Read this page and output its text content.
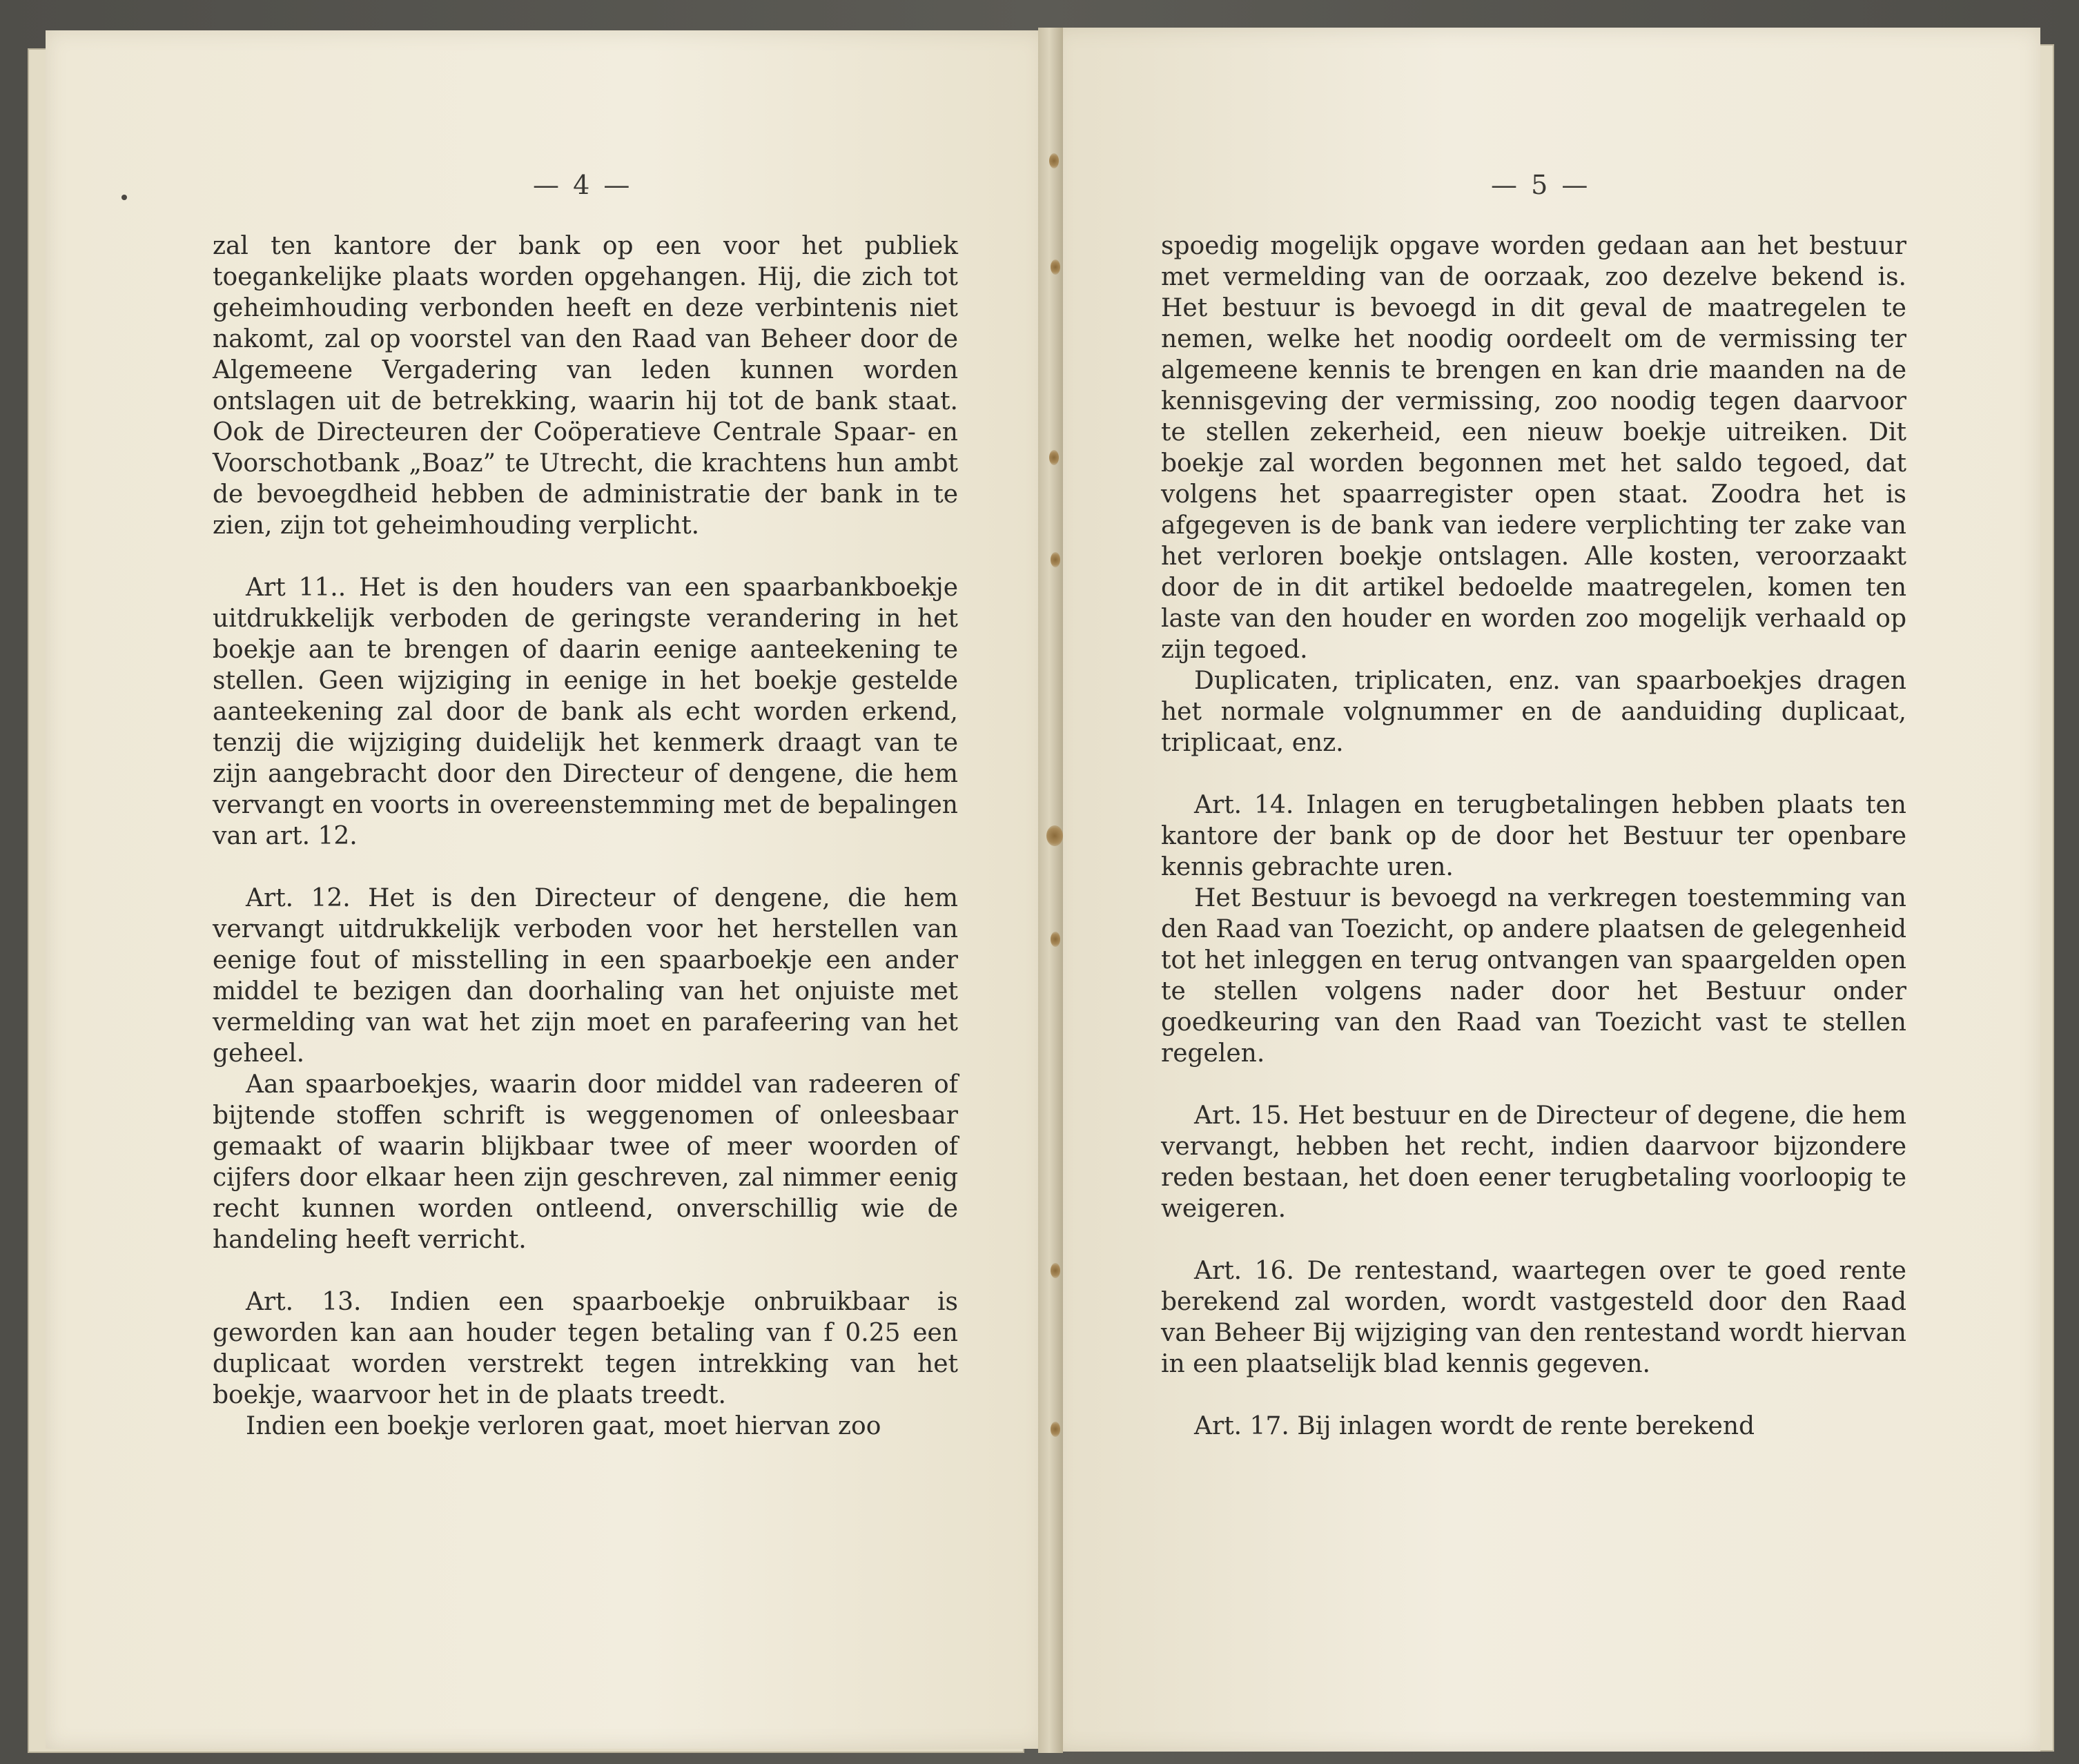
— 4 —	— 5 —

zal ten kantore der bank op een voor het publiek toegankelijke plaats worden opgehangen. Hij, die zich tot geheimhouding verbonden heeft en deze verbintenis niet nakomt, zal op voorstel van den Raad van Beheer door de Algemeene Vergadering van leden kunnen worden ontslagen uit de betrekking, waarin hij tot de bank staat. Ook de Directeuren der Coöperatieve Centrale Spaar- en Voorschotbank „Boaz” te Utrecht, die krachtens hun ambt de bevoegdheid hebben de administratie der bank in te zien, zijn tot geheimhouding verplicht.

Art 11.. Het is den houders van een spaarbankboekje uitdrukkelijk verboden de geringste verandering in het boekje aan te brengen of daarin eenige aanteekening te stellen. Geen wijziging in eenige in het boekje gestelde aanteekening zal door de bank als echt worden erkend, tenzij die wijziging duidelijk het kenmerk draagt van te zijn aangebracht door den Directeur of dengene, die hem vervangt en voorts in overeenstemming met de bepalingen van art. 12.

Art. 12. Het is den Directeur of dengene, die hem vervangt uitdrukkelijk verboden voor het herstellen van eenige fout of misstelling in een spaarboekje een ander middel te bezigen dan doorhaling van het onjuiste met vermelding van wat het zijn moet en parafeering van het geheel.

Aan spaarboekjes, waarin door middel van radeeren of bijtende stoffen schrift is weggenomen of onleesbaar gemaakt of waarin blijkbaar twee of meer woorden of cijfers door elkaar heen zijn geschreven, zal nimmer eenig recht kunnen worden ontleend, onverschillig wie de handeling heeft verricht.

Art. 13. Indien een spaarboekje onbruikbaar is geworden kan aan houder tegen betaling van f 0.25 een duplicaat worden verstrekt tegen intrekking van het boekje, waarvoor het in de plaats treedt.

Indien een boekje verloren gaat, moet hiervan zoo

spoedig mogelijk opgave worden gedaan aan het bestuur met vermelding van de oorzaak, zoo dezelve bekend is. Het bestuur is bevoegd in dit geval de maatregelen te nemen, welke het noodig oordeelt om de vermissing ter algemeene kennis te brengen en kan drie maanden na de kennisgeving der vermissing, zoo noodig tegen daarvoor te stellen zekerheid, een nieuw boekje uitreiken. Dit boekje zal worden begonnen met het saldo tegoed, dat volgens het spaarregister open staat. Zoodra het is afgegeven is de bank van iedere verplichting ter zake van het verloren boekje ontslagen. Alle kosten, veroorzaakt door de in dit artikel bedoelde maatregelen, komen ten laste van den houder en worden zoo mogelijk verhaald op zijn tegoed.

Duplicaten, triplicaten, enz. van spaarboekjes dragen het normale volgnummer en de aanduiding duplicaat, triplicaat, enz.

Art. 14. Inlagen en terugbetalingen hebben plaats ten kantore der bank op de door het Bestuur ter openbare kennis gebrachte uren.

Het Bestuur is bevoegd na verkregen toestemming van den Raad van Toezicht, op andere plaatsen de gelegenheid tot het inleggen en terug ontvangen van spaargelden open te stellen volgens nader door het Bestuur onder goedkeuring van den Raad van Toezicht vast te stellen regelen.

Art. 15. Het bestuur en de Directeur of degene, die hem vervangt, hebben het recht, indien daarvoor bijzondere reden bestaan, het doen eener terugbetaling voorloopig te weigeren.

Art. 16. De rentestand, waartegen over te goed rente berekend zal worden, wordt vastgesteld door den Raad van Beheer Bij wijziging van den rentestand wordt hiervan in een plaatselijk blad kennis gegeven.

Art. 17. Bij inlagen wordt de rente berekend
